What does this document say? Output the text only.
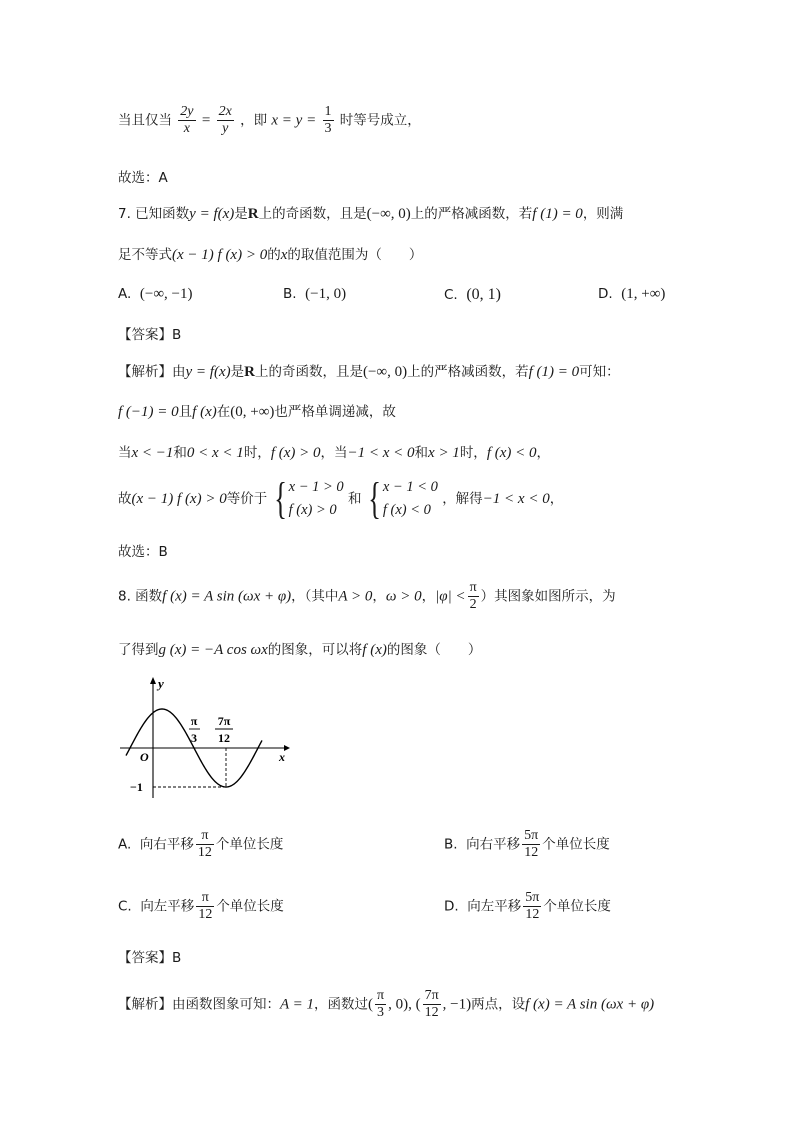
当且仅当 $\frac{2y}{x} = \frac{2x}{y}$ ，即 $x = y = \frac{1}{3}$ 时等号成立，
故选：A
7. 已知函数y = f(x)是R上的奇函数，且是(−∞, 0)上的严格减函数，若f (1) = 0，则满
足不等式(x − 1) f (x) > 0的x的取值范围为（　　）
A. (−∞, −1)	B. (−1, 0)	C. (0, 1)	D. (1, +∞)
【答案】B
【解析】由y = f(x)是R上的奇函数，且是(−∞, 0)上的严格减函数，若f (1) = 0可知：
f (−1) = 0且f (x)在(0, +∞)也严格单调递减，故
当x < −1和0 < x < 1时，f (x) > 0，当−1 < x < 0和x > 1时，f (x) < 0，
故(x − 1) f (x) > 0等价于 { x − 1 > 0
f (x) > 0 和 { x − 1 < 0
f (x) < 0 ，解得−1 < x < 0，
故选：B
8. 函数f (x) = A sin (ωx + φ)，（其中A > 0，ω > 0，$|\varphi| < \frac{\pi}{2}$ ）其图象如图所示，为
了得到g (x) = −A cos ωx的图象，可以将f (x)的图象（　　）
y
x
O
π
3
7π
12
−1
A. 向右平移 $\frac{\pi}{12}$ 个单位长度	B. 向右平移 $\frac{5\pi}{12}$ 个单位长度
C. 向左平移 $\frac{\pi}{12}$ 个单位长度	D. 向左平移 $\frac{5\pi}{12}$ 个单位长度
【答案】B
【解析】由函数图象可知：A = 1，函数过( $\frac{\pi}{3}$ , 0), ( $\frac{7\pi}{12}$ , −1)两点，设f (x) = A sin (ωx + φ)
